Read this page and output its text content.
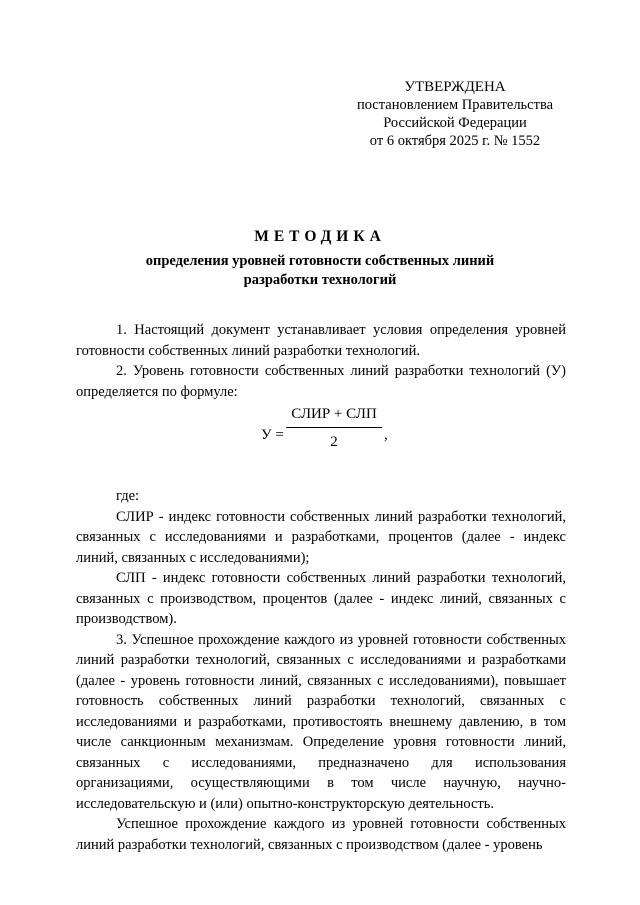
УТВЕРЖДЕНА
постановлением Правительства
Российской Федерации
от 6 октября 2025 г. № 1552
МЕТОДИКА
определения уровней готовности собственных линий
разработки технологий

1. Настоящий документ устанавливает условия определения уровней готовности собственных линий разработки технологий.

2. Уровень готовности собственных линий разработки технологий (У) определяется по формуле:

У =
СЛИР + СЛП
2	,

где:

СЛИР - индекс готовности собственных линий разработки технологий, связанных с исследованиями и разработками, процентов (далее - индекс линий, связанных с исследованиями);

СЛП - индекс готовности собственных линий разработки технологий, связанных с производством, процентов (далее - индекс линий, связанных с производством).

3. Успешное прохождение каждого из уровней готовности собственных линий разработки технологий, связанных с исследованиями и разработками (далее - уровень готовности линий, связанных с исследованиями), повышает готовность собственных линий разработки технологий, связанных с исследованиями и разработками, противостоять внешнему давлению, в том числе санкционным механизмам. Определение уровня готовности линий, связанных с исследованиями, предназначено для использования организациями, осуществляющими в том числе научную, научно-исследовательскую и (или) опытно-конструкторскую деятельность.

Успешное прохождение каждого из уровней готовности собственных линий разработки технологий, связанных с производством (далее - уровень
